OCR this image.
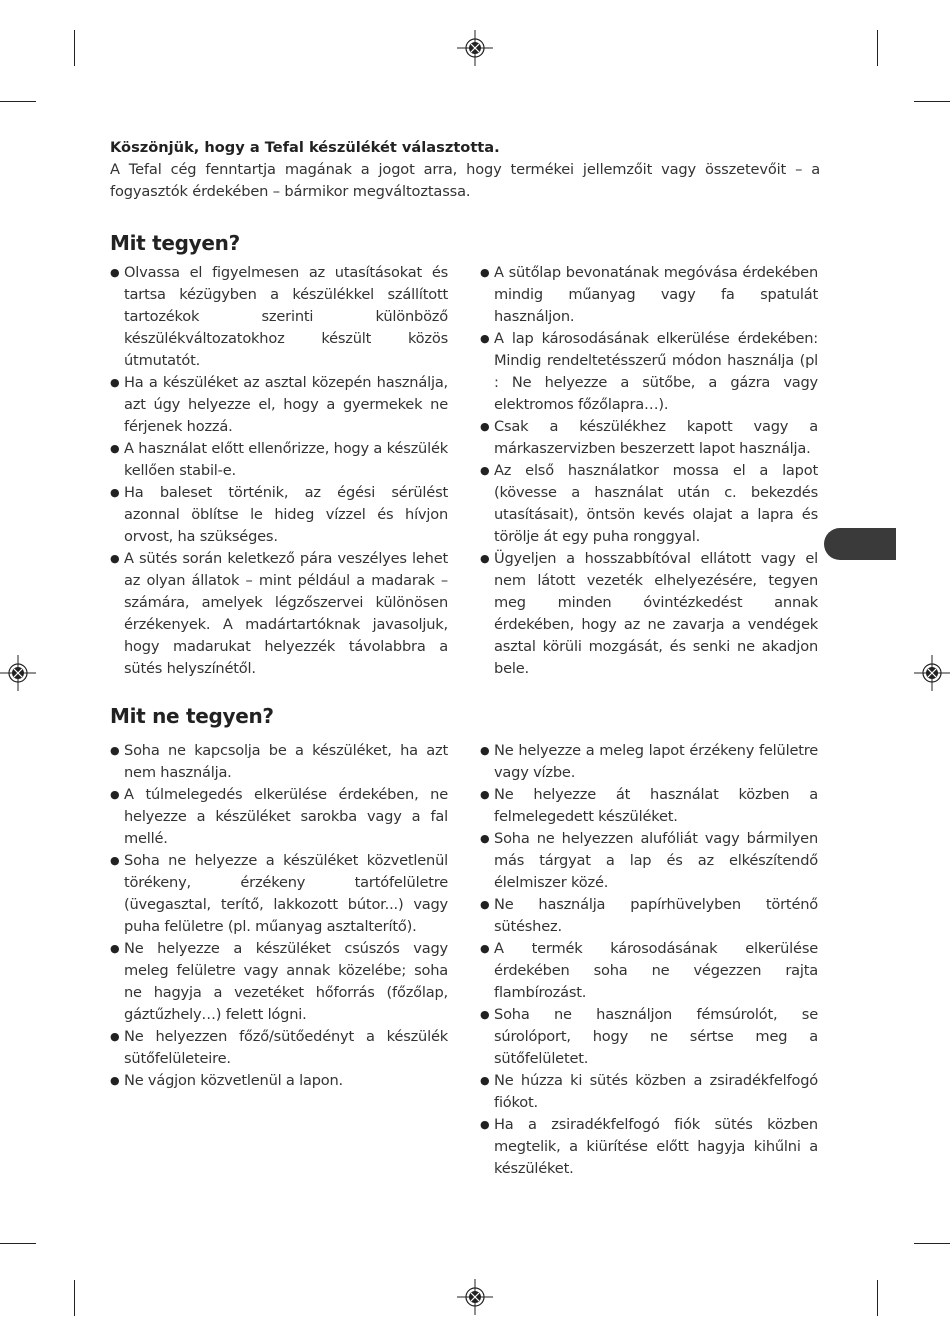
Köszönjük, hogy a Tefal készülékét választotta.
A Tefal cég fenntartja magának a jogot arra, hogy termékei jellemzőit vagy összetevőit – a fogyasztók érdekében – bármikor megváltoztassa.
Mit tegyen?
● Olvassa el figyelmesen az utasításokat és tartsa kézügyben a készülékkel szállított tartozékok szerinti különböző készülékváltozatokhoz készült közös útmutatót.
● Ha a készüléket az asztal közepén használja, azt úgy helyezze el, hogy a gyermekek ne férjenek hozzá.
● A használat előtt ellenőrizze, hogy a készülék kellően stabil-e.
● Ha baleset történik, az égési sérülést azonnal öblítse le hideg vízzel és hívjon orvost, ha szükséges.
● A sütés során keletkező pára veszélyes lehet az olyan állatok – mint például a madarak – számára, amelyek légzőszervei különösen érzékenyek. A madártartóknak javasoljuk, hogy madarukat helyezzék távolabbra a sütés helyszínétől.
● A sütőlap bevonatának megóvása érdekében mindig műanyag vagy fa spatulát használjon.
● A lap károsodásának elkerülése érdekében: Mindig rendeltetésszerű módon használja (pl : Ne helyezze a sütőbe, a gázra vagy elektromos főzőlapra…).
● Csak a készülékhez kapott vagy a márkaszervizben beszerzett lapot használja.
● Az első használatkor mossa el a lapot (kövesse a használat után c. bekezdés utasításait), öntsön kevés olajat a lapra és törölje át egy puha ronggyal.
● Ügyeljen a hosszabbítóval ellátott vagy el nem látott vezeték elhelyezésére, tegyen meg minden óvintézkedést annak érdekében, hogy az ne zavarja a vendégek asztal körüli mozgását, és senki ne akadjon bele.
Mit ne tegyen?
● Soha ne kapcsolja be a készüléket, ha azt nem használja.
● A túlmelegedés elkerülése érdekében, ne helyezze a készüléket sarokba vagy a fal mellé.
● Soha ne helyezze a készüléket közvetlenül törékeny, érzékeny tartófelületre (üvegasztal, terítő, lakkozott bútor...) vagy puha felületre (pl. műanyag asztalterítő).
● Ne helyezze a készüléket csúszós vagy meleg felületre vagy annak közelébe; soha ne hagyja a vezetéket hőforrás (főzőlap, gáztűzhely…) felett lógni.
● Ne helyezzen főző/sütőedényt a készülék sütőfelületeire.
● Ne vágjon közvetlenül a lapon.
● Ne helyezze a meleg lapot érzékeny felületre vagy vízbe.
● Ne helyezze át használat közben a felmelegedett készüléket.
● Soha ne helyezzen alufóliát vagy bármilyen más tárgyat a lap és az elkészítendő élelmiszer közé.
● Ne használja papírhüvelyben történő sütéshez.
● A termék károsodásának elkerülése érdekében soha ne végezzen rajta flambírozást.
● Soha ne használjon fémsúrolót, se súrolóport, hogy ne sértse meg a sütőfelületet.
● Ne húzza ki sütés közben a zsiradékfelfogó fiókot.
● Ha a zsiradékfelfogó fiók sütés közben megtelik, a kiürítése előtt hagyja kihűlni a készüléket.
